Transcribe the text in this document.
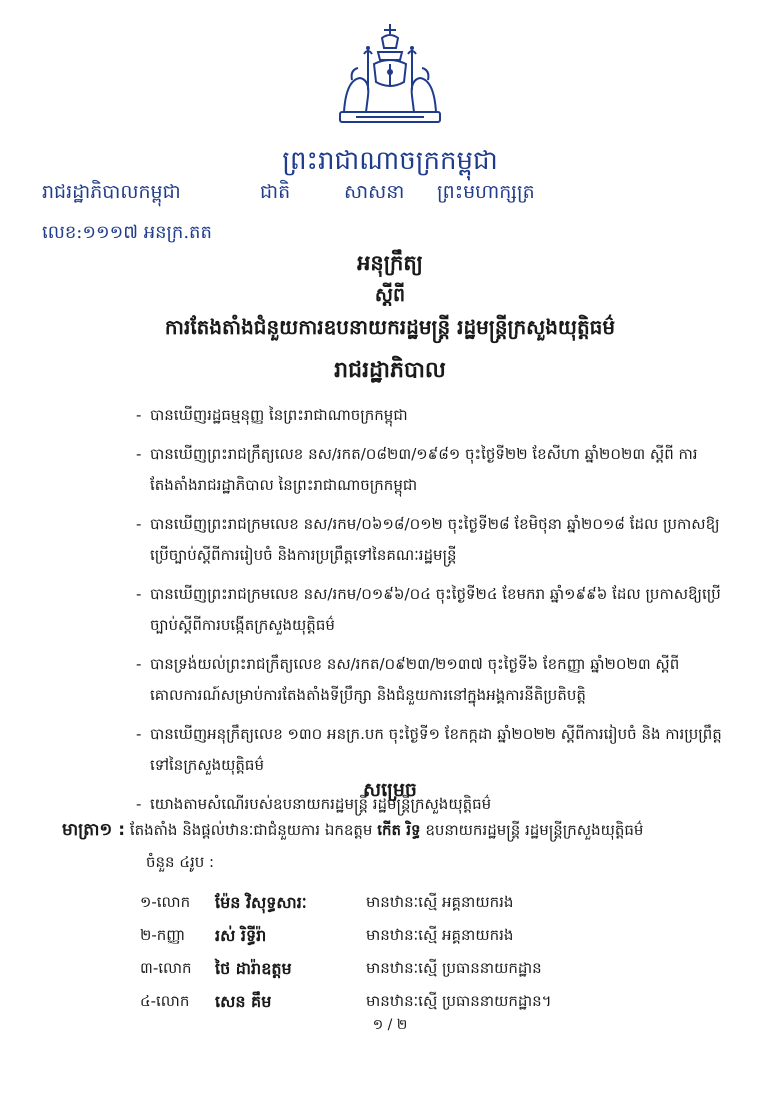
ព្រះរាជាណាចក្រកម្ពុជា
រាជរដ្ឋាភិបាលកម្ពុជា	ជាតិ	សាសនា ព្រះមហាក្សត្រ
លេខ:១១១៧ អនក្រ.តត
អនុក្រឹត្យ
ស្តីពី
ការតែងតាំងជំនួយការឧបនាយករដ្ឋមន្ត្រី រដ្ឋមន្ត្រីក្រសួងយុត្តិធម៌
រាជរដ្ឋាភិបាល
- បានឃើញរដ្ឋធម្មនុញ្ញ នៃព្រះរាជាណាចក្រកម្ពុជា
- បានឃើញព្រះរាជក្រឹត្យលេខ នស/រកត/០៨២៣/១៩៨១ ចុះថ្ងៃទី២២ ខែសីហា ឆ្នាំ២០២៣ ស្តីពី ការតែងតាំងរាជរដ្ឋាភិបាល នៃព្រះរាជាណាចក្រកម្ពុជា
- បានឃើញព្រះរាជក្រមលេខ នស/រកម/០៦១៨/០១២ ចុះថ្ងៃទី២៨ ខែមិថុនា ឆ្នាំ២០១៨ ដែល ប្រកាសឱ្យប្រើច្បាប់ស្តីពីការរៀបចំ និងការប្រព្រឹត្តទៅនៃគណៈរដ្ឋមន្ត្រី
- បានឃើញព្រះរាជក្រមលេខ នស/រកម/០១៩៦/០៤ ចុះថ្ងៃទី២៤ ខែមករា ឆ្នាំ១៩៩៦ ដែល ប្រកាសឱ្យប្រើច្បាប់ស្តីពីការបង្កើតក្រសួងយុត្តិធម៌
- បានទ្រង់យល់ព្រះរាជក្រឹត្យលេខ នស/រកត/០៩២៣/២១៣៧ ចុះថ្ងៃទី៦ ខែកញ្ញា ឆ្នាំ២០២៣ ស្តីពីគោលការណ៍សម្រាប់ការតែងតាំងទីប្រឹក្សា និងជំនួយការនៅក្នុងអង្គការនីតិប្រតិបត្តិ
- បានឃើញអនុក្រឹត្យលេខ ១៣០ អនក្រ.បក ចុះថ្ងៃទី១ ខែកក្កដា ឆ្នាំ២០២២ ស្តីពីការរៀបចំ និង ការប្រព្រឹត្តទៅនៃក្រសួងយុត្តិធម៌
- យោងតាមសំណើរបស់ឧបនាយករដ្ឋមន្ត្រី រដ្ឋមន្ត្រីក្រសួងយុត្តិធម៌
សម្រេច
មាត្រា១ : តែងតាំង និងផ្តល់ឋានៈជាជំនួយការ ឯកឧត្តម កើត រិទ្ធ ឧបនាយករដ្ឋមន្ត្រី រដ្ឋមន្ត្រីក្រសួងយុត្តិធម៌
ចំនួន ៤រូប :
១-លោក ម៉ែន វិសុទ្ធសារៈ	មានឋានៈស្មើ អគ្គនាយករង
២-កញ្ញា រស់ រិទ្ធីរ៉ា	មានឋានៈស្មើ អគ្គនាយករង
៣-លោក ថៃ ដារ៉ាឧត្តម	មានឋានៈស្មើ ប្រធាននាយកដ្ឋាន
៤-លោក សេន គឹម	មានឋានៈស្មើ ប្រធាននាយកដ្ឋាន។
១ / ២
